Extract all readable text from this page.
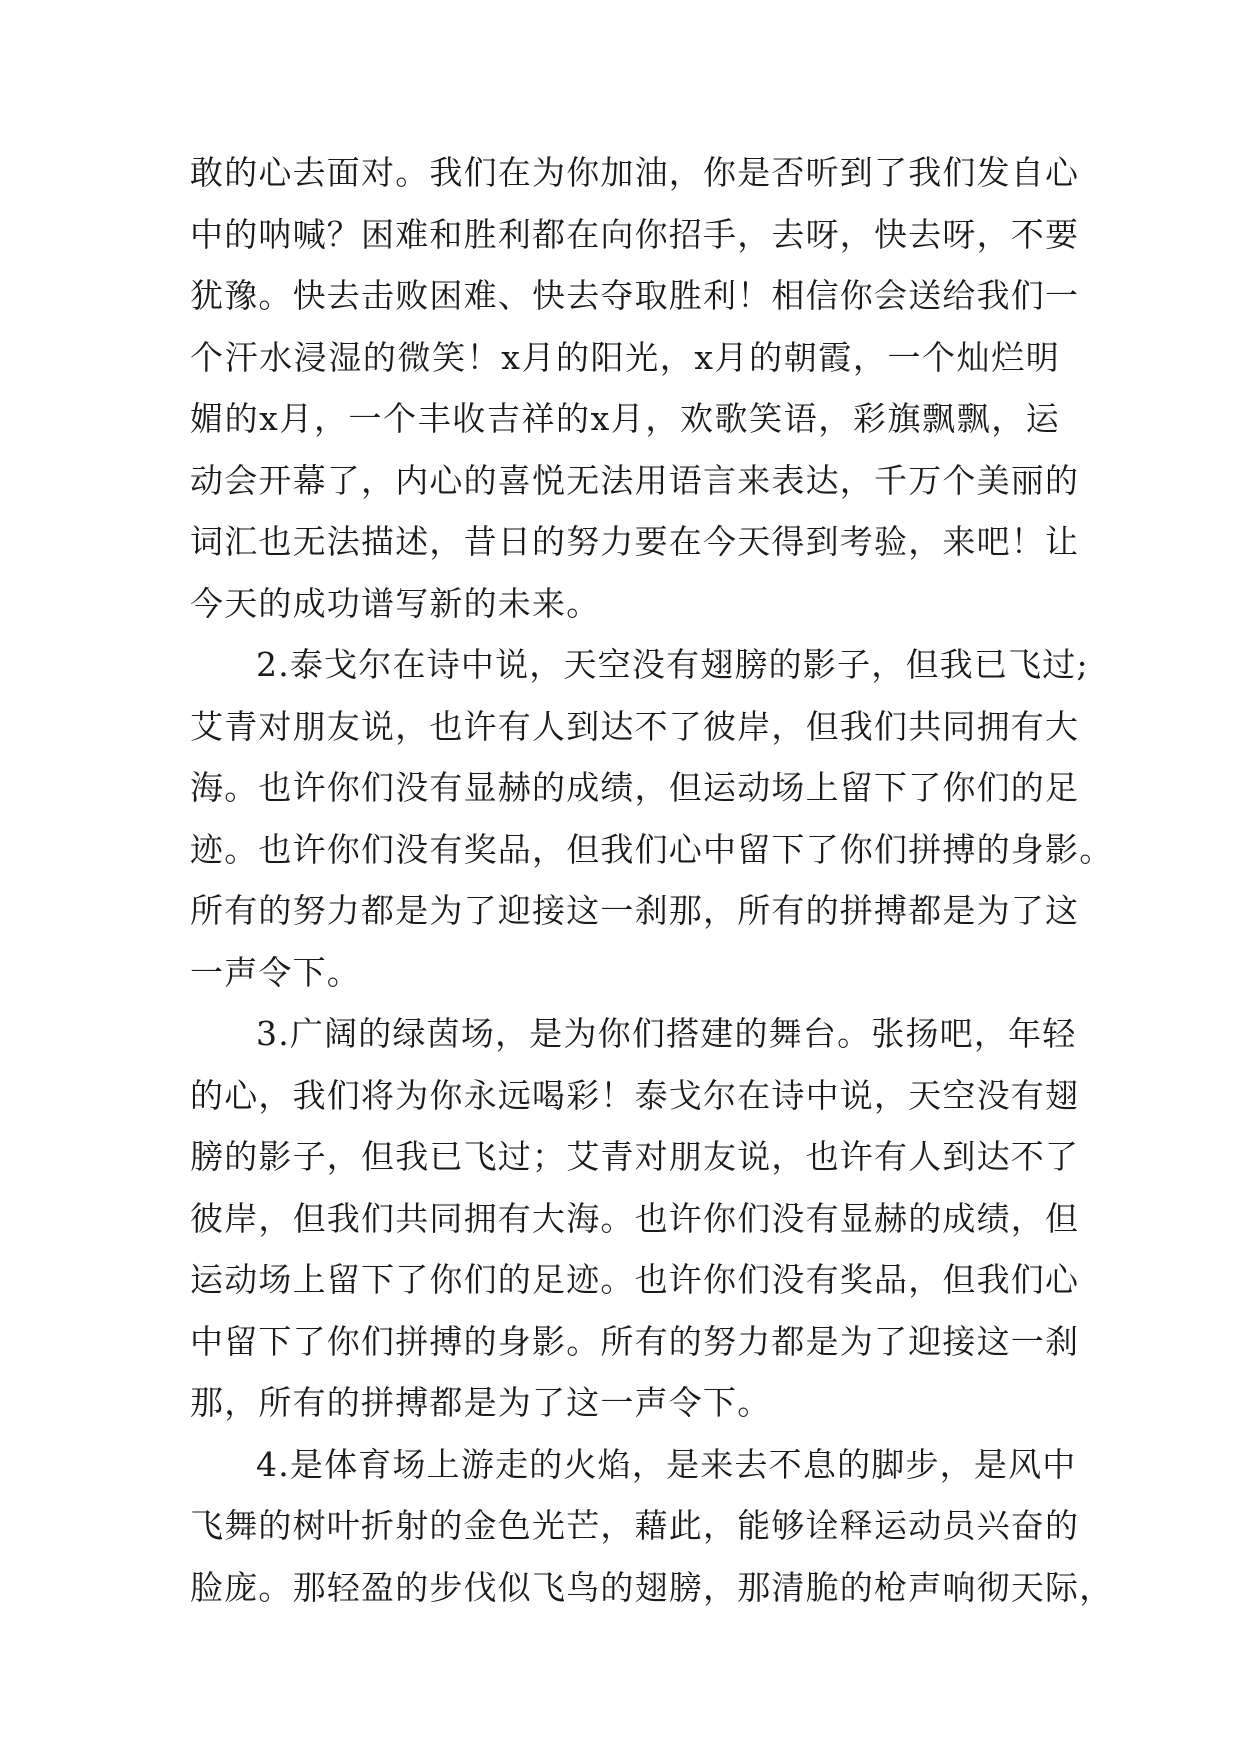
敢的心去面对。我们在为你加油，你是否听到了我们发自心
中的呐喊？困难和胜利都在向你招手，去呀，快去呀，不要
犹豫。快去击败困难、快去夺取胜利！相信你会送给我们一
个汗水浸湿的微笑！x月的阳光，x月的朝霞，一个灿烂明
媚的x月，一个丰收吉祥的x月，欢歌笑语，彩旗飘飘，运
动会开幕了，内心的喜悦无法用语言来表达，千万个美丽的
词汇也无法描述，昔日的努力要在今天得到考验，来吧！让
今天的成功谱写新的未来。

2.泰戈尔在诗中说，天空没有翅膀的影子，但我已飞过;
艾青对朋友说，也许有人到达不了彼岸，但我们共同拥有大
海。也许你们没有显赫的成绩，但运动场上留下了你们的足
迹。也许你们没有奖品，但我们心中留下了你们拼搏的身影。
所有的努力都是为了迎接这一刹那，所有的拼搏都是为了这
一声令下。

3.广阔的绿茵场，是为你们搭建的舞台。张扬吧，年轻
的心，我们将为你永远喝彩！泰戈尔在诗中说，天空没有翅
膀的影子，但我已飞过；艾青对朋友说，也许有人到达不了
彼岸，但我们共同拥有大海。也许你们没有显赫的成绩，但
运动场上留下了你们的足迹。也许你们没有奖品，但我们心
中留下了你们拼搏的身影。所有的努力都是为了迎接这一刹
那，所有的拼搏都是为了这一声令下。

4.是体育场上游走的火焰，是来去不息的脚步，是风中
飞舞的树叶折射的金色光芒，藉此，能够诠释运动员兴奋的
脸庞。那轻盈的步伐似飞鸟的翅膀，那清脆的枪声响彻天际，
